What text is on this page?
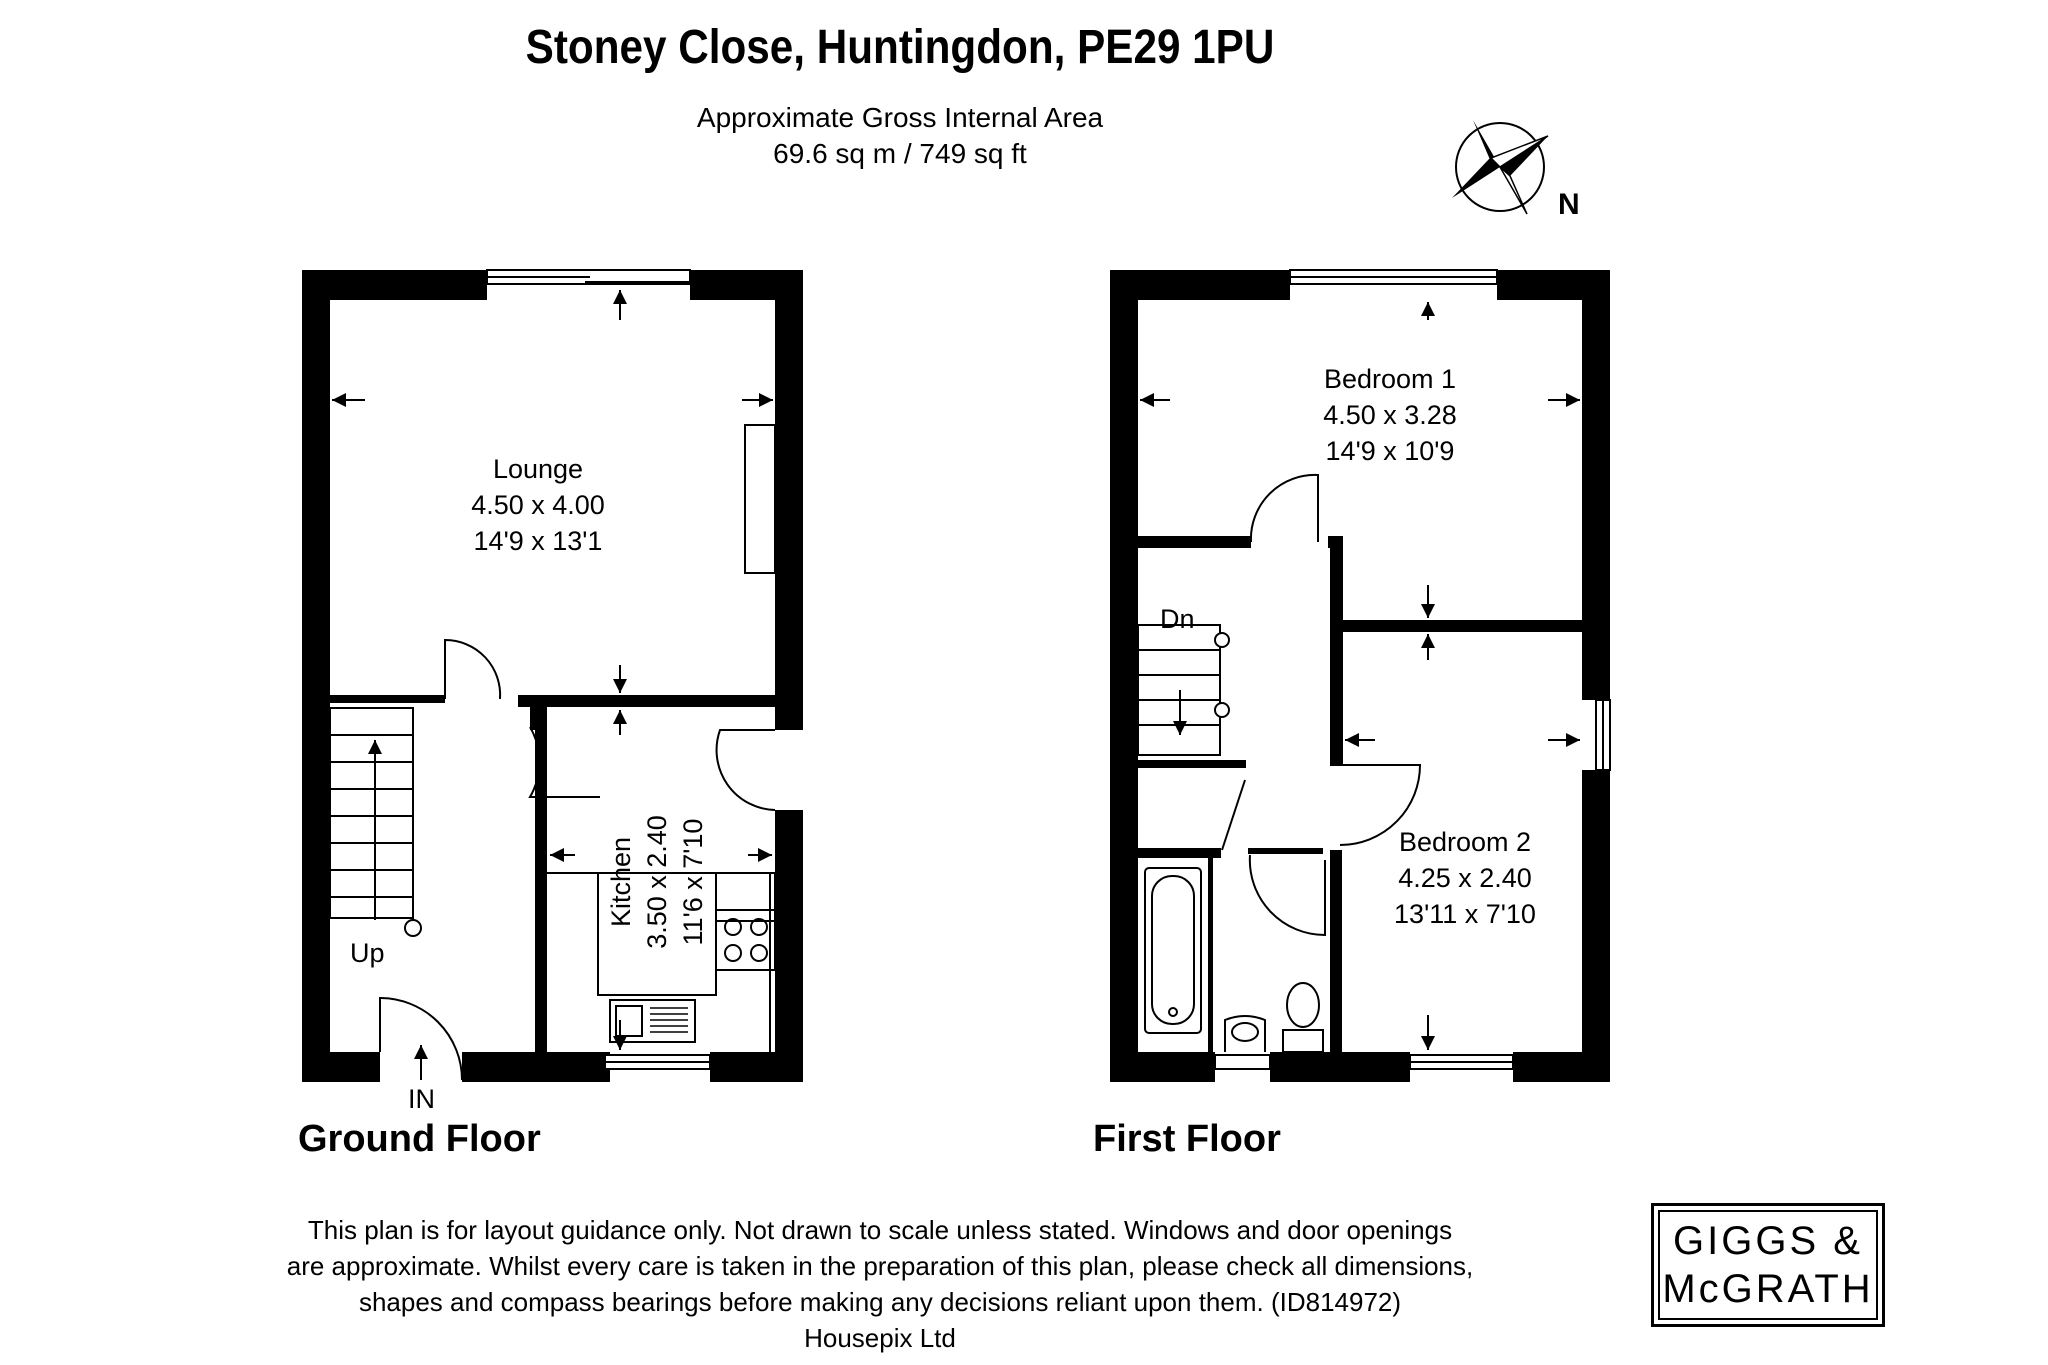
Stoney Close, Huntingdon, PE29 1PU
Approximate Gross Internal Area
69.6 sq m / 749 sq ft
N
Lounge
4.50 x 4.00
14'9 x 13'1
Kitchen 3.50 x 2.40 11'6 x 7'10
Up
IN
Bedroom 1
4.50 x 3.28
14'9 x 10'9
Bedroom 2
4.25 x 2.40
13'11 x 7'10
Dn
Ground Floor	First Floor
This plan is for layout guidance only. Not drawn to scale unless stated. Windows and door openings
are approximate. Whilst every care is taken in the preparation of this plan, please check all dimensions,
shapes and compass bearings before making any decisions reliant upon them. (ID814972)
Housepix Ltd
GIGGS &
McGRATH
